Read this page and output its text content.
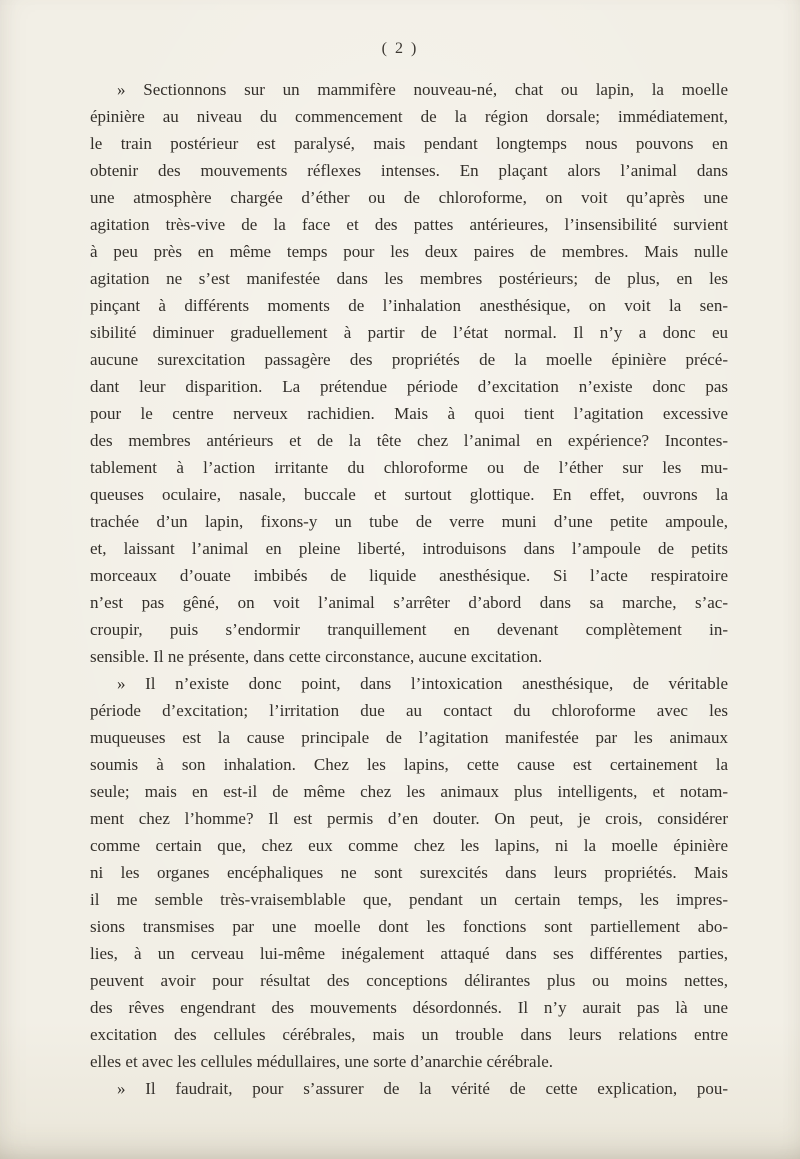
( 2 )
» Sectionnons sur un mammifère nouveau-né, chat ou lapin, la moelle
épinière au niveau du commencement de la région dorsale; immédiatement,
le train postérieur est paralysé, mais pendant longtemps nous pouvons en
obtenir des mouvements réflexes intenses. En plaçant alors l’animal dans
une atmosphère chargée d’éther ou de chloroforme, on voit qu’après une
agitation très-vive de la face et des pattes antérieures, l’insensibilité survient
à peu près en même temps pour les deux paires de membres. Mais nulle
agitation ne s’est manifestée dans les membres postérieurs; de plus, en les
pinçant à différents moments de l’inhalation anesthésique, on voit la sen-
sibilité diminuer graduellement à partir de l’état normal. Il n’y a donc eu
aucune surexcitation passagère des propriétés de la moelle épinière précé-
dant leur disparition. La prétendue période d’excitation n’existe donc pas
pour le centre nerveux rachidien. Mais à quoi tient l’agitation excessive
des membres antérieurs et de la tête chez l’animal en expérience? Incontes-
tablement à l’action irritante du chloroforme ou de l’éther sur les mu-
queuses oculaire, nasale, buccale et surtout glottique. En effet, ouvrons la
trachée d’un lapin, fixons-y un tube de verre muni d’une petite ampoule,
et, laissant l’animal en pleine liberté, introduisons dans l’ampoule de petits
morceaux d’ouate imbibés de liquide anesthésique. Si l’acte respiratoire
n’est pas gêné, on voit l’animal s’arrêter d’abord dans sa marche, s’ac-
croupir, puis s’endormir tranquillement en devenant complètement in-
sensible. Il ne présente, dans cette circonstance, aucune excitation.
» Il n’existe donc point, dans l’intoxication anesthésique, de véritable
période d’excitation; l’irritation due au contact du chloroforme avec les
muqueuses est la cause principale de l’agitation manifestée par les animaux
soumis à son inhalation. Chez les lapins, cette cause est certainement la
seule; mais en est-il de même chez les animaux plus intelligents, et notam-
ment chez l’homme? Il est permis d’en douter. On peut, je crois, considérer
comme certain que, chez eux comme chez les lapins, ni la moelle épinière
ni les organes encéphaliques ne sont surexcités dans leurs propriétés. Mais
il me semble très-vraisemblable que, pendant un certain temps, les impres-
sions transmises par une moelle dont les fonctions sont partiellement abo-
lies, à un cerveau lui-même inégalement attaqué dans ses différentes parties,
peuvent avoir pour résultat des conceptions délirantes plus ou moins nettes,
des rêves engendrant des mouvements désordonnés. Il n’y aurait pas là une
excitation des cellules cérébrales, mais un trouble dans leurs relations entre
elles et avec les cellules médullaires, une sorte d’anarchie cérébrale.
» Il faudrait, pour s’assurer de la vérité de cette explication, pou-
